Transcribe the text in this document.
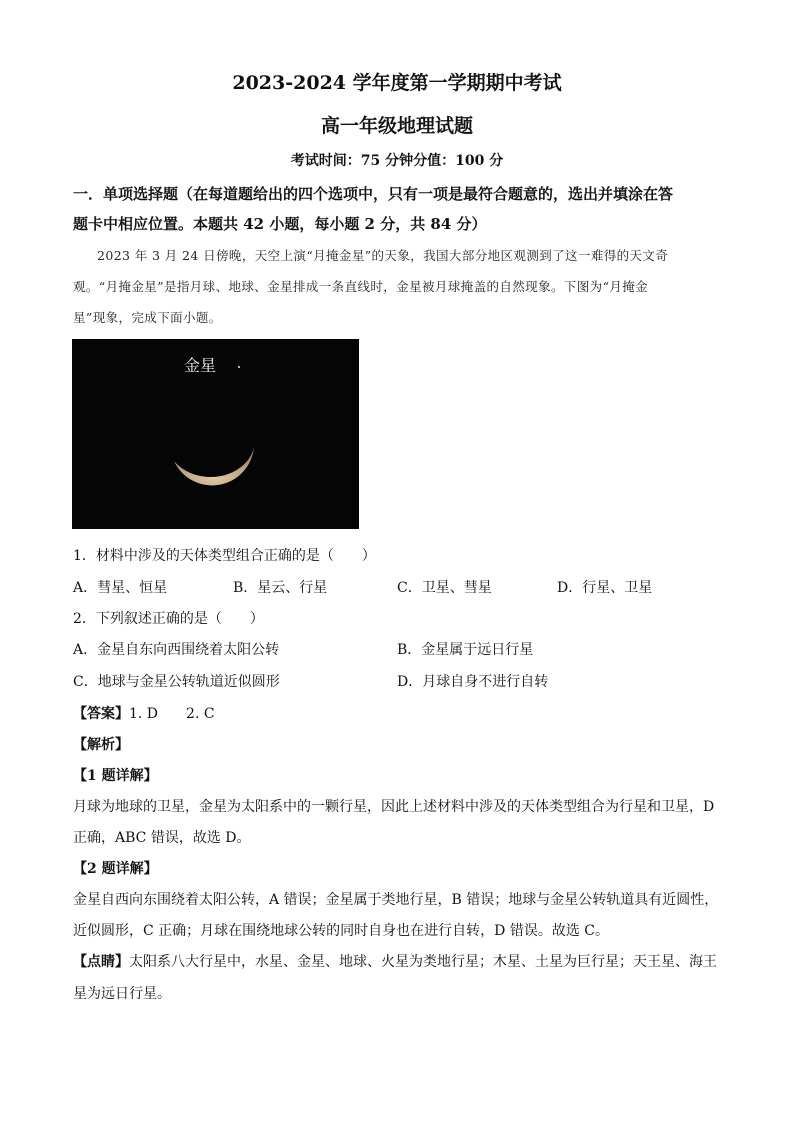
2023-2024 学年度第一学期期中考试
高一年级地理试题
考试时间：75 分钟分值：100 分
一．单项选择题（在每道题给出的四个选项中，只有一项是最符合题意的，选出并填涂在答
题卡中相应位置。本题共 42 小题，每小题 2 分，共 84 分）
2023 年 3 月 24 日傍晚，天空上演“月掩金星”的天象，我国大部分地区观测到了这一难得的天文奇
观。“月掩金星”是指月球、地球、金星排成一条直线时，金星被月球掩盖的自然现象。下图为“月掩金
星”现象，完成下面小题。
金星
1．材料中涉及的天体类型组合正确的是（　　）
A．彗星、恒星	B．星云、行星	C．卫星、彗星	D．行星、卫星
2．下列叙述正确的是（　　）
A．金星自东向西围绕着太阳公转	B．金星属于远日行星
C．地球与金星公转轨道近似圆形	D．月球自身不进行自转
【答案】1. D　　2. C
【解析】
【1 题详解】
月球为地球的卫星，金星为太阳系中的一颗行星，因此上述材料中涉及的天体类型组合为行星和卫星，D
正确，ABC 错误，故选 D。
【2 题详解】
金星自西向东围绕着太阳公转，A 错误；金星属于类地行星，B 错误；地球与金星公转轨道具有近圆性，
近似圆形，C 正确；月球在围绕地球公转的同时自身也在进行自转，D 错误。故选 C。
【点睛】太阳系八大行星中，水星、金星、地球、火星为类地行星；木星、土星为巨行星；天王星、海王
星为远日行星。
